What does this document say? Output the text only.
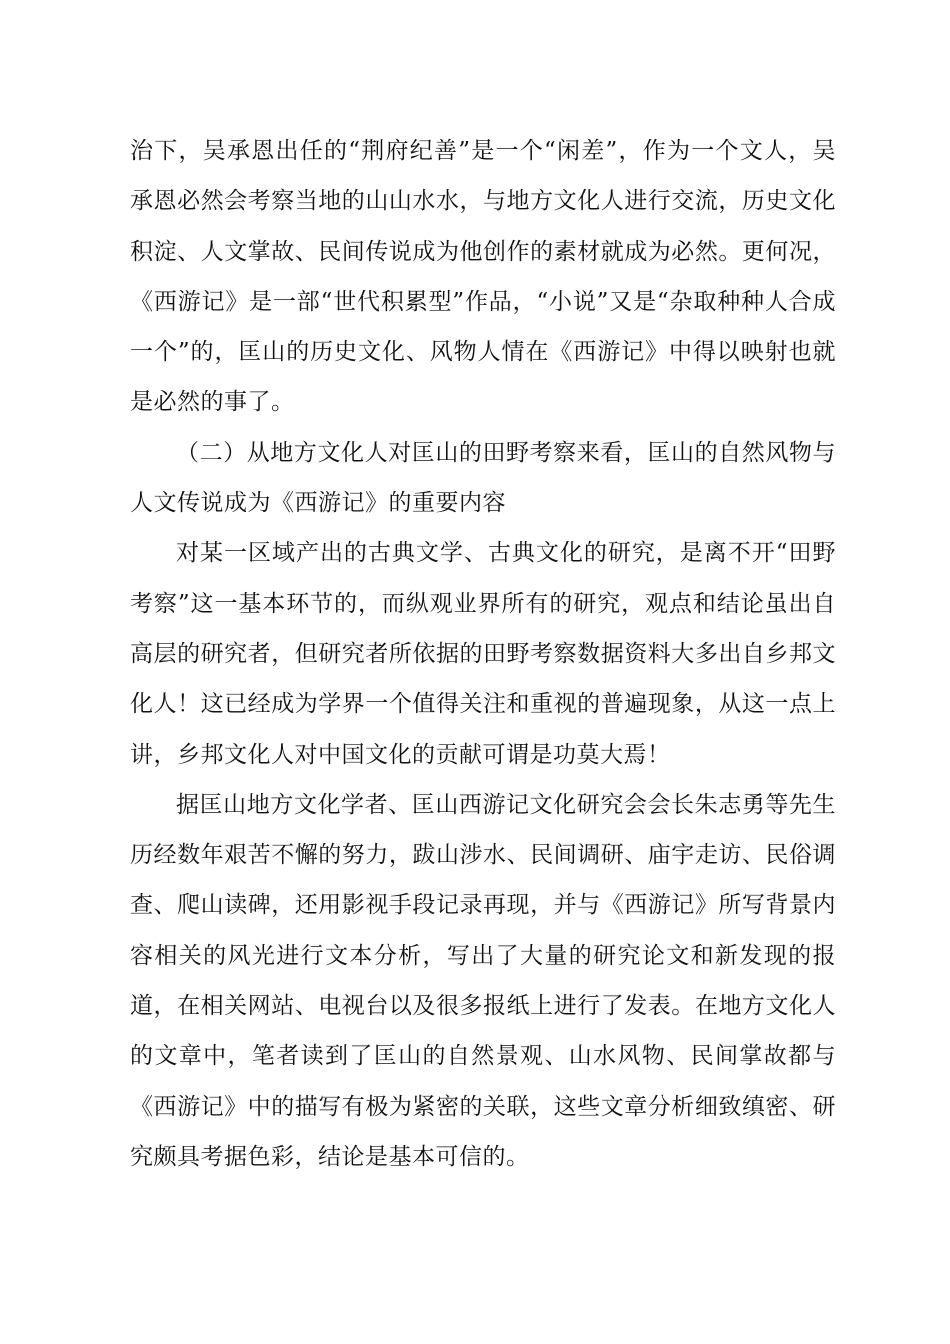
治下，吴承恩出任的“荆府纪善”是一个“闲差”，作为一个文人，吴承恩必然会考察当地的山山水水，与地方文化人进行交流，历史文化积淀、人文掌故、民间传说成为他创作的素材就成为必然。更何况，《西游记》是一部“世代积累型”作品，“小说”又是“杂取种种人合成一个”的，匡山的历史文化、风物人情在《西游记》中得以映射也就是必然的事了。

（二）从地方文化人对匡山的田野考察来看，匡山的自然风物与人文传说成为《西游记》的重要内容

对某一区域产出的古典文学、古典文化的研究，是离不开“田野考察”这一基本环节的，而纵观业界所有的研究，观点和结论虽出自高层的研究者，但研究者所依据的田野考察数据资料大多出自乡邦文化人！这已经成为学界一个值得关注和重视的普遍现象，从这一点上讲，乡邦文化人对中国文化的贡献可谓是功莫大焉！

据匡山地方文化学者、匡山西游记文化研究会会长朱志勇等先生历经数年艰苦不懈的努力，跋山涉水、民间调研、庙宇走访、民俗调查、爬山读碑，还用影视手段记录再现，并与《西游记》所写背景内容相关的风光进行文本分析，写出了大量的研究论文和新发现的报道，在相关网站、电视台以及很多报纸上进行了发表。在地方文化人的文章中，笔者读到了匡山的自然景观、山水风物、民间掌故都与《西游记》中的描写有极为紧密的关联，这些文章分析细致缜密、研究颇具考据色彩，结论是基本可信的。
